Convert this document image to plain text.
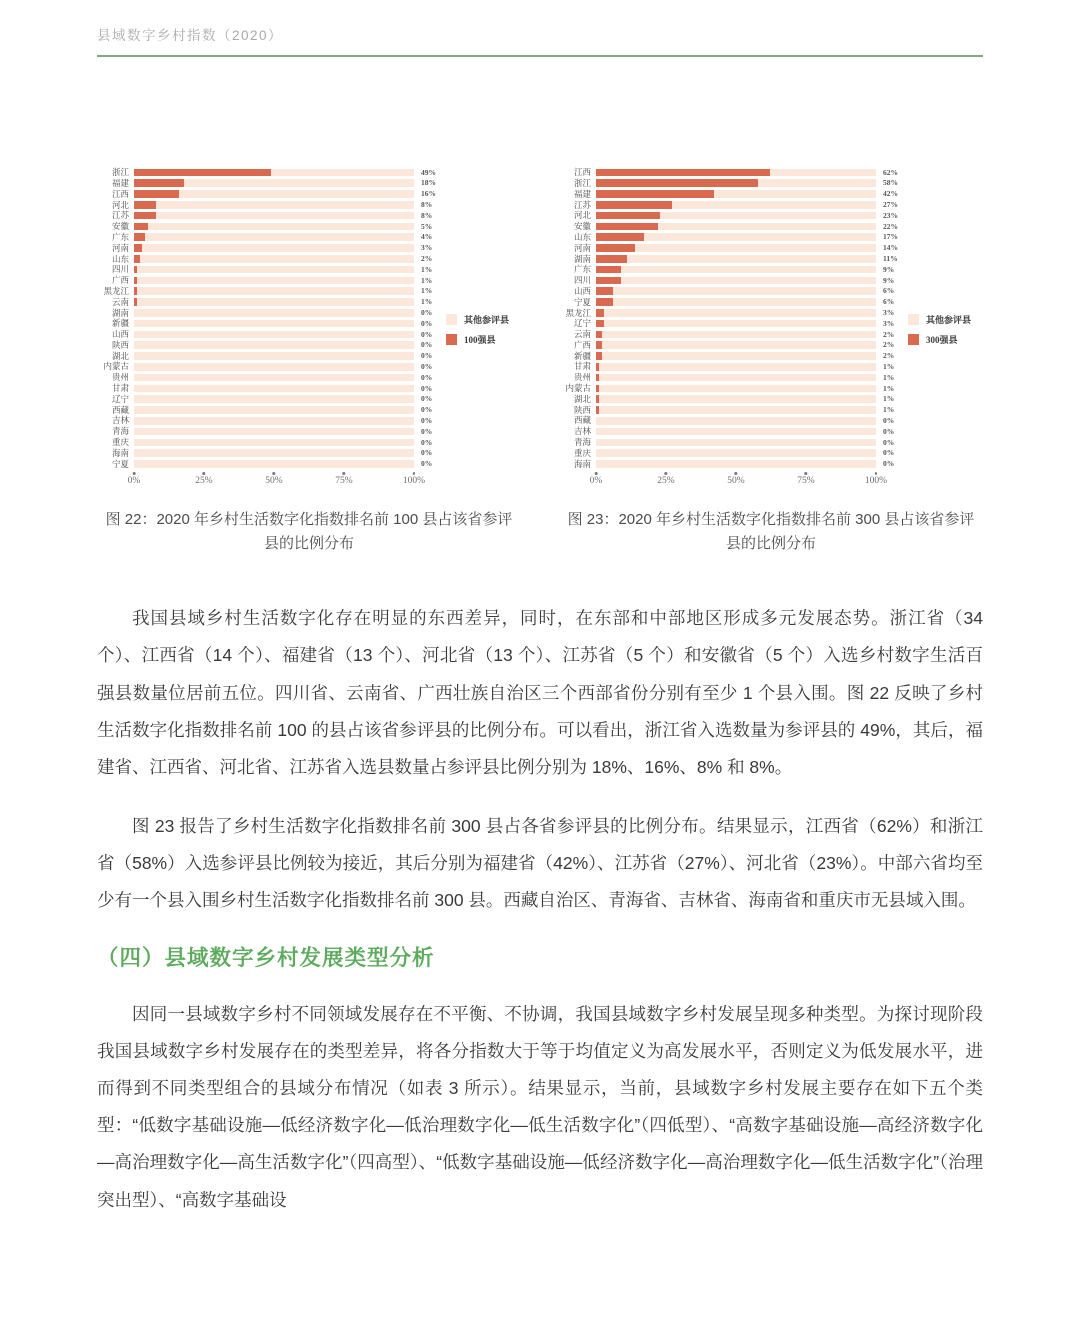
县域数字乡村指数（2020）
浙江	49%
福建	18%
江西	16%
河北	8%
江苏	8%
安徽	5%
广东	4%
河南	3%
山东	2%
四川	1%
广西	1%
黑龙江	1%
云南	1%
湖南	0%
新疆	0%
山西	0%
陕西	0%
湖北	0%
内蒙古	0%
贵州	0%
甘肃	0%
辽宁	0%
西藏	0%
吉林	0%
青海	0%
重庆	0%
海南	0%
宁夏	0%
0%	25%	50%	75%	100%
其他参评县
100强县
图 22：2020 年乡村生活数字化指数排名前 100 县占该省参评县的比例分布
江西	62%
浙江	58%
福建	42%
江苏	27%
河北	23%
安徽	22%
山东	17%
河南	14%
湖南	11%
广东	9%
四川	9%
山西	6%
宁夏	6%
黑龙江	3%
辽宁	3%
云南	2%
广西	2%
新疆	2%
甘肃	1%
贵州	1%
内蒙古	1%
湖北	1%
陕西	1%
西藏	0%
吉林	0%
青海	0%
重庆	0%
海南	0%
0%	25%	50%	75%	100%
其他参评县
300强县
图 23：2020 年乡村生活数字化指数排名前 300 县占该省参评县的比例分布

我国县域乡村生活数字化存在明显的东西差异，同时，在东部和中部地区形成多元发展态势。浙江省（34 个）、江西省（14 个）、福建省（13 个）、河北省（13 个）、江苏省（5 个）和安徽省（5 个）入选乡村数字生活百强县数量位居前五位。四川省、云南省、广西壮族自治区三个西部省份分别有至少 1 个县入围。图 22 反映了乡村生活数字化指数排名前 100 的县占该省参评县的比例分布。可以看出，浙江省入选数量为参评县的 49%，其后，福建省、江西省、河北省、江苏省入选县数量占参评县比例分别为 18%、16%、8% 和 8%。

图 23 报告了乡村生活数字化指数排名前 300 县占各省参评县的比例分布。结果显示，江西省（62%）和浙江省（58%）入选参评县比例较为接近，其后分别为福建省（42%）、江苏省（27%）、河北省（23%）。中部六省均至少有一个县入围乡村生活数字化指数排名前 300 县。西藏自治区、青海省、吉林省、海南省和重庆市无县域入围。

（四）县域数字乡村发展类型分析

因同一县域数字乡村不同领域发展存在不平衡、不协调，我国县域数字乡村发展呈现多种类型。为探讨现阶段我国县域数字乡村发展存在的类型差异，将各分指数大于等于均值定义为高发展水平，否则定义为低发展水平，进而得到不同类型组合的县域分布情况（如表 3 所示）。结果显示，当前，县域数字乡村发展主要存在如下五个类型：“低数字基础设施—低经济数字化—低治理数字化—低生活数字化”（四低型）、“高数字基础设施—高经济数字化—高治理数字化—高生活数字化”（四高型）、“低数字基础设施—低经济数字化—高治理数字化—低生活数字化”（治理突出型）、“高数字基础设
